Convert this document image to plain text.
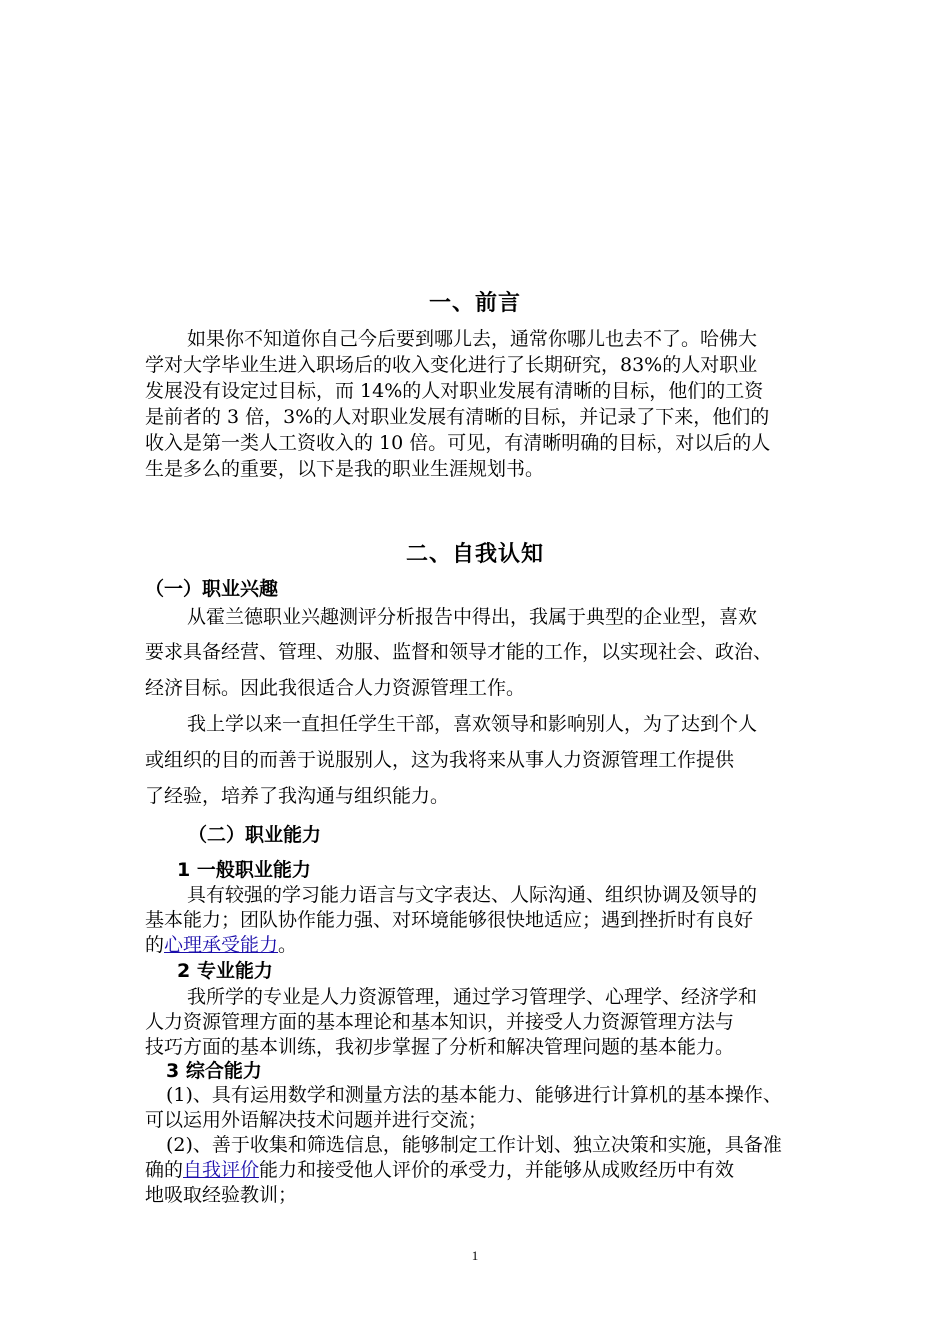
一、前言
如果你不知道你自己今后要到哪儿去，通常你哪儿也去不了。哈佛大
学对大学毕业生进入职场后的收入变化进行了长期研究，83%的人对职业
发展没有设定过目标，而 14%的人对职业发展有清晰的目标，他们的工资
是前者的 3 倍，3%的人对职业发展有清晰的目标，并记录了下来，他们的
收入是第一类人工资收入的 10 倍。可见，有清晰明确的目标，对以后的人
生是多么的重要，以下是我的职业生涯规划书。
二、自我认知
（一）职业兴趣
从霍兰德职业兴趣测评分析报告中得出，我属于典型的企业型，喜欢
要求具备经营、管理、劝服、监督和领导才能的工作，以实现社会、政治、
经济目标。因此我很适合人力资源管理工作。
我上学以来一直担任学生干部，喜欢领导和影响别人，为了达到个人
或组织的目的而善于说服别人，这为我将来从事人力资源管理工作提供
了经验，培养了我沟通与组织能力。
（二）职业能力
1 一般职业能力
具有较强的学习能力语言与文字表达、人际沟通、组织协调及领导的
基本能力；团队协作能力强、对环境能够很快地适应；遇到挫折时有良好
的心理承受能力。
2 专业能力
我所学的专业是人力资源管理，通过学习管理学、心理学、经济学和
人力资源管理方面的基本理论和基本知识，并接受人力资源管理方法与
技巧方面的基本训练，我初步掌握了分析和解决管理问题的基本能力。
3 综合能力
(1)、具有运用数学和测量方法的基本能力、能够进行计算机的基本操作、
可以运用外语解决技术问题并进行交流；
(2)、善于收集和筛选信息，能够制定工作计划、独立决策和实施，具备准
确的自我评价能力和接受他人评价的承受力，并能够从成败经历中有效
地吸取经验教训；
1
